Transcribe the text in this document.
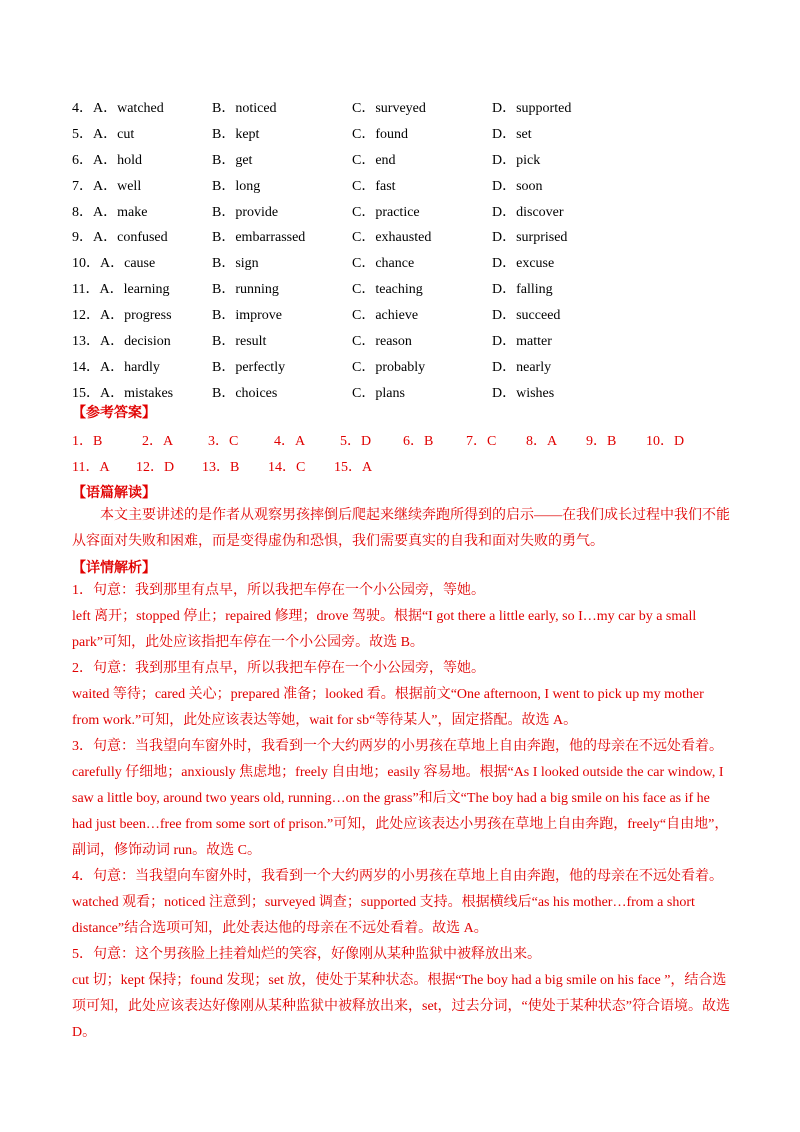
4．A．watched	B．noticed	C．surveyed	D．supported
5．A．cut	B．kept	C．found	D．set
6．A．hold	B．get	C．end	D．pick
7．A．well	B．long	C．fast	D．soon
8．A．make	B．provide	C．practice	D．discover
9．A．confused	B．embarrassed	C．exhausted	D．surprised
10．A．cause	B．sign	C．chance	D．excuse
11．A．learning	B．running	C．teaching	D．falling
12．A．progress	B．improve	C．achieve	D．succeed
13．A．decision	B．result	C．reason	D．matter
14．A．hardly	B．perfectly	C．probably	D．nearly
15．A．mistakes	B．choices	C．plans	D．wishes
【参考答案】
1．B	2．A 3．C	4．A 5．D 6．B 7．C 8．A 9．B 10．D
11．A 12．D 13．B 14．C 15．A
【语篇解读】
本文主要讲述的是作者从观察男孩摔倒后爬起来继续奔跑所得到的启示——在我们成长过程中我们不能从容面对失败和困难，而是变得虚伪和恐惧，我们需要真实的自我和面对失败的勇气。
【详情解析】
1．句意：我到那里有点早，所以我把车停在一个小公园旁，等她。
left 离开；stopped 停止；repaired 修理；drove 驾驶。根据“I got there a little early, so I…my car by a small park”可知，此处应该指把车停在一个小公园旁。故选 B。
2．句意：我到那里有点早，所以我把车停在一个小公园旁，等她。
waited 等待；cared 关心；prepared 准备；looked 看。根据前文“One afternoon, I went to pick up my mother from work.”可知，此处应该表达等她，wait for sb“等待某人”，固定搭配。故选 A。
3．句意：当我望向车窗外时，我看到一个大约两岁的小男孩在草地上自由奔跑，他的母亲在不远处看着。
carefully 仔细地；anxiously 焦虑地；freely 自由地；easily 容易地。根据“As I looked outside the car window, I saw a little boy, around two years old, running…on the grass”和后文“The boy had a big smile on his face as if he had just been…free from some sort of prison.”可知，此处应该表达小男孩在草地上自由奔跑，freely“自由地”，副词，修饰动词 run。故选 C。
4．句意：当我望向车窗外时，我看到一个大约两岁的小男孩在草地上自由奔跑，他的母亲在不远处看着。
watched 观看；noticed 注意到；surveyed 调查；supported 支持。根据横线后“as his mother…from a short distance”结合选项可知，此处表达他的母亲在不远处看着。故选 A。
5．句意：这个男孩脸上挂着灿烂的笑容，好像刚从某种监狱中被释放出来。
cut 切；kept 保持；found 发现；set 放，使处于某种状态。根据“The boy had a big smile on his face ”，结合选项可知，此处应该表达好像刚从某种监狱中被释放出来，set，过去分词，“使处于某种状态”符合语境。故选 D。
